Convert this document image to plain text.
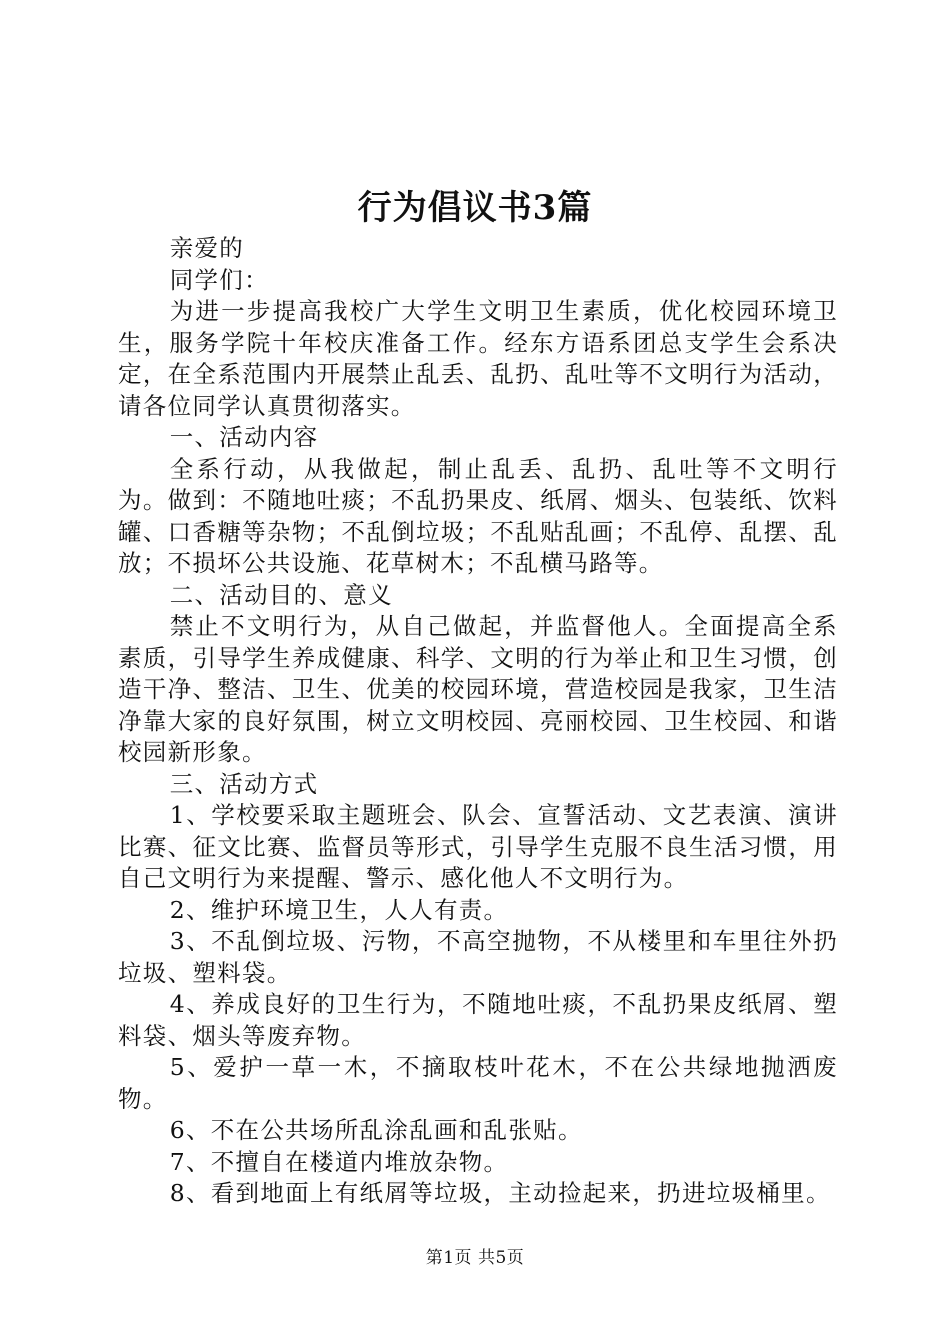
行为倡议书3篇

亲爱的

同学们：

为进一步提高我校广大学生文明卫生素质，优化校园环境卫生，服务学院十年校庆准备工作。经东方语系团总支学生会系决定，在全系范围内开展禁止乱丢、乱扔、乱吐等不文明行为活动，请各位同学认真贯彻落实。

一、活动内容

全系行动，从我做起，制止乱丢、乱扔、乱吐等不文明行为。做到：不随地吐痰；不乱扔果皮、纸屑、烟头、包装纸、饮料罐、口香糖等杂物；不乱倒垃圾；不乱贴乱画；不乱停、乱摆、乱放；不损坏公共设施、花草树木；不乱横马路等。

二、活动目的、意义

禁止不文明行为，从自己做起，并监督他人。全面提高全系素质，引导学生养成健康、科学、文明的行为举止和卫生习惯，创造干净、整洁、卫生、优美的校园环境，营造校园是我家，卫生洁净靠大家的良好氛围，树立文明校园、亮丽校园、卫生校园、和谐校园新形象。

三、活动方式

1、学校要采取主题班会、队会、宣誓活动、文艺表演、演讲比赛、征文比赛、监督员等形式，引导学生克服不良生活习惯，用自己文明行为来提醒、警示、感化他人不文明行为。

2、维护环境卫生，人人有责。

3、不乱倒垃圾、污物，不高空抛物，不从楼里和车里往外扔垃圾、塑料袋。

4、养成良好的卫生行为，不随地吐痰，不乱扔果皮纸屑、塑料袋、烟头等废弃物。

5、爱护一草一木，不摘取枝叶花木，不在公共绿地抛洒废物。

6、不在公共场所乱涂乱画和乱张贴。

7、不擅自在楼道内堆放杂物。

8、看到地面上有纸屑等垃圾，主动捡起来，扔进垃圾桶里。

第1页 共5页
